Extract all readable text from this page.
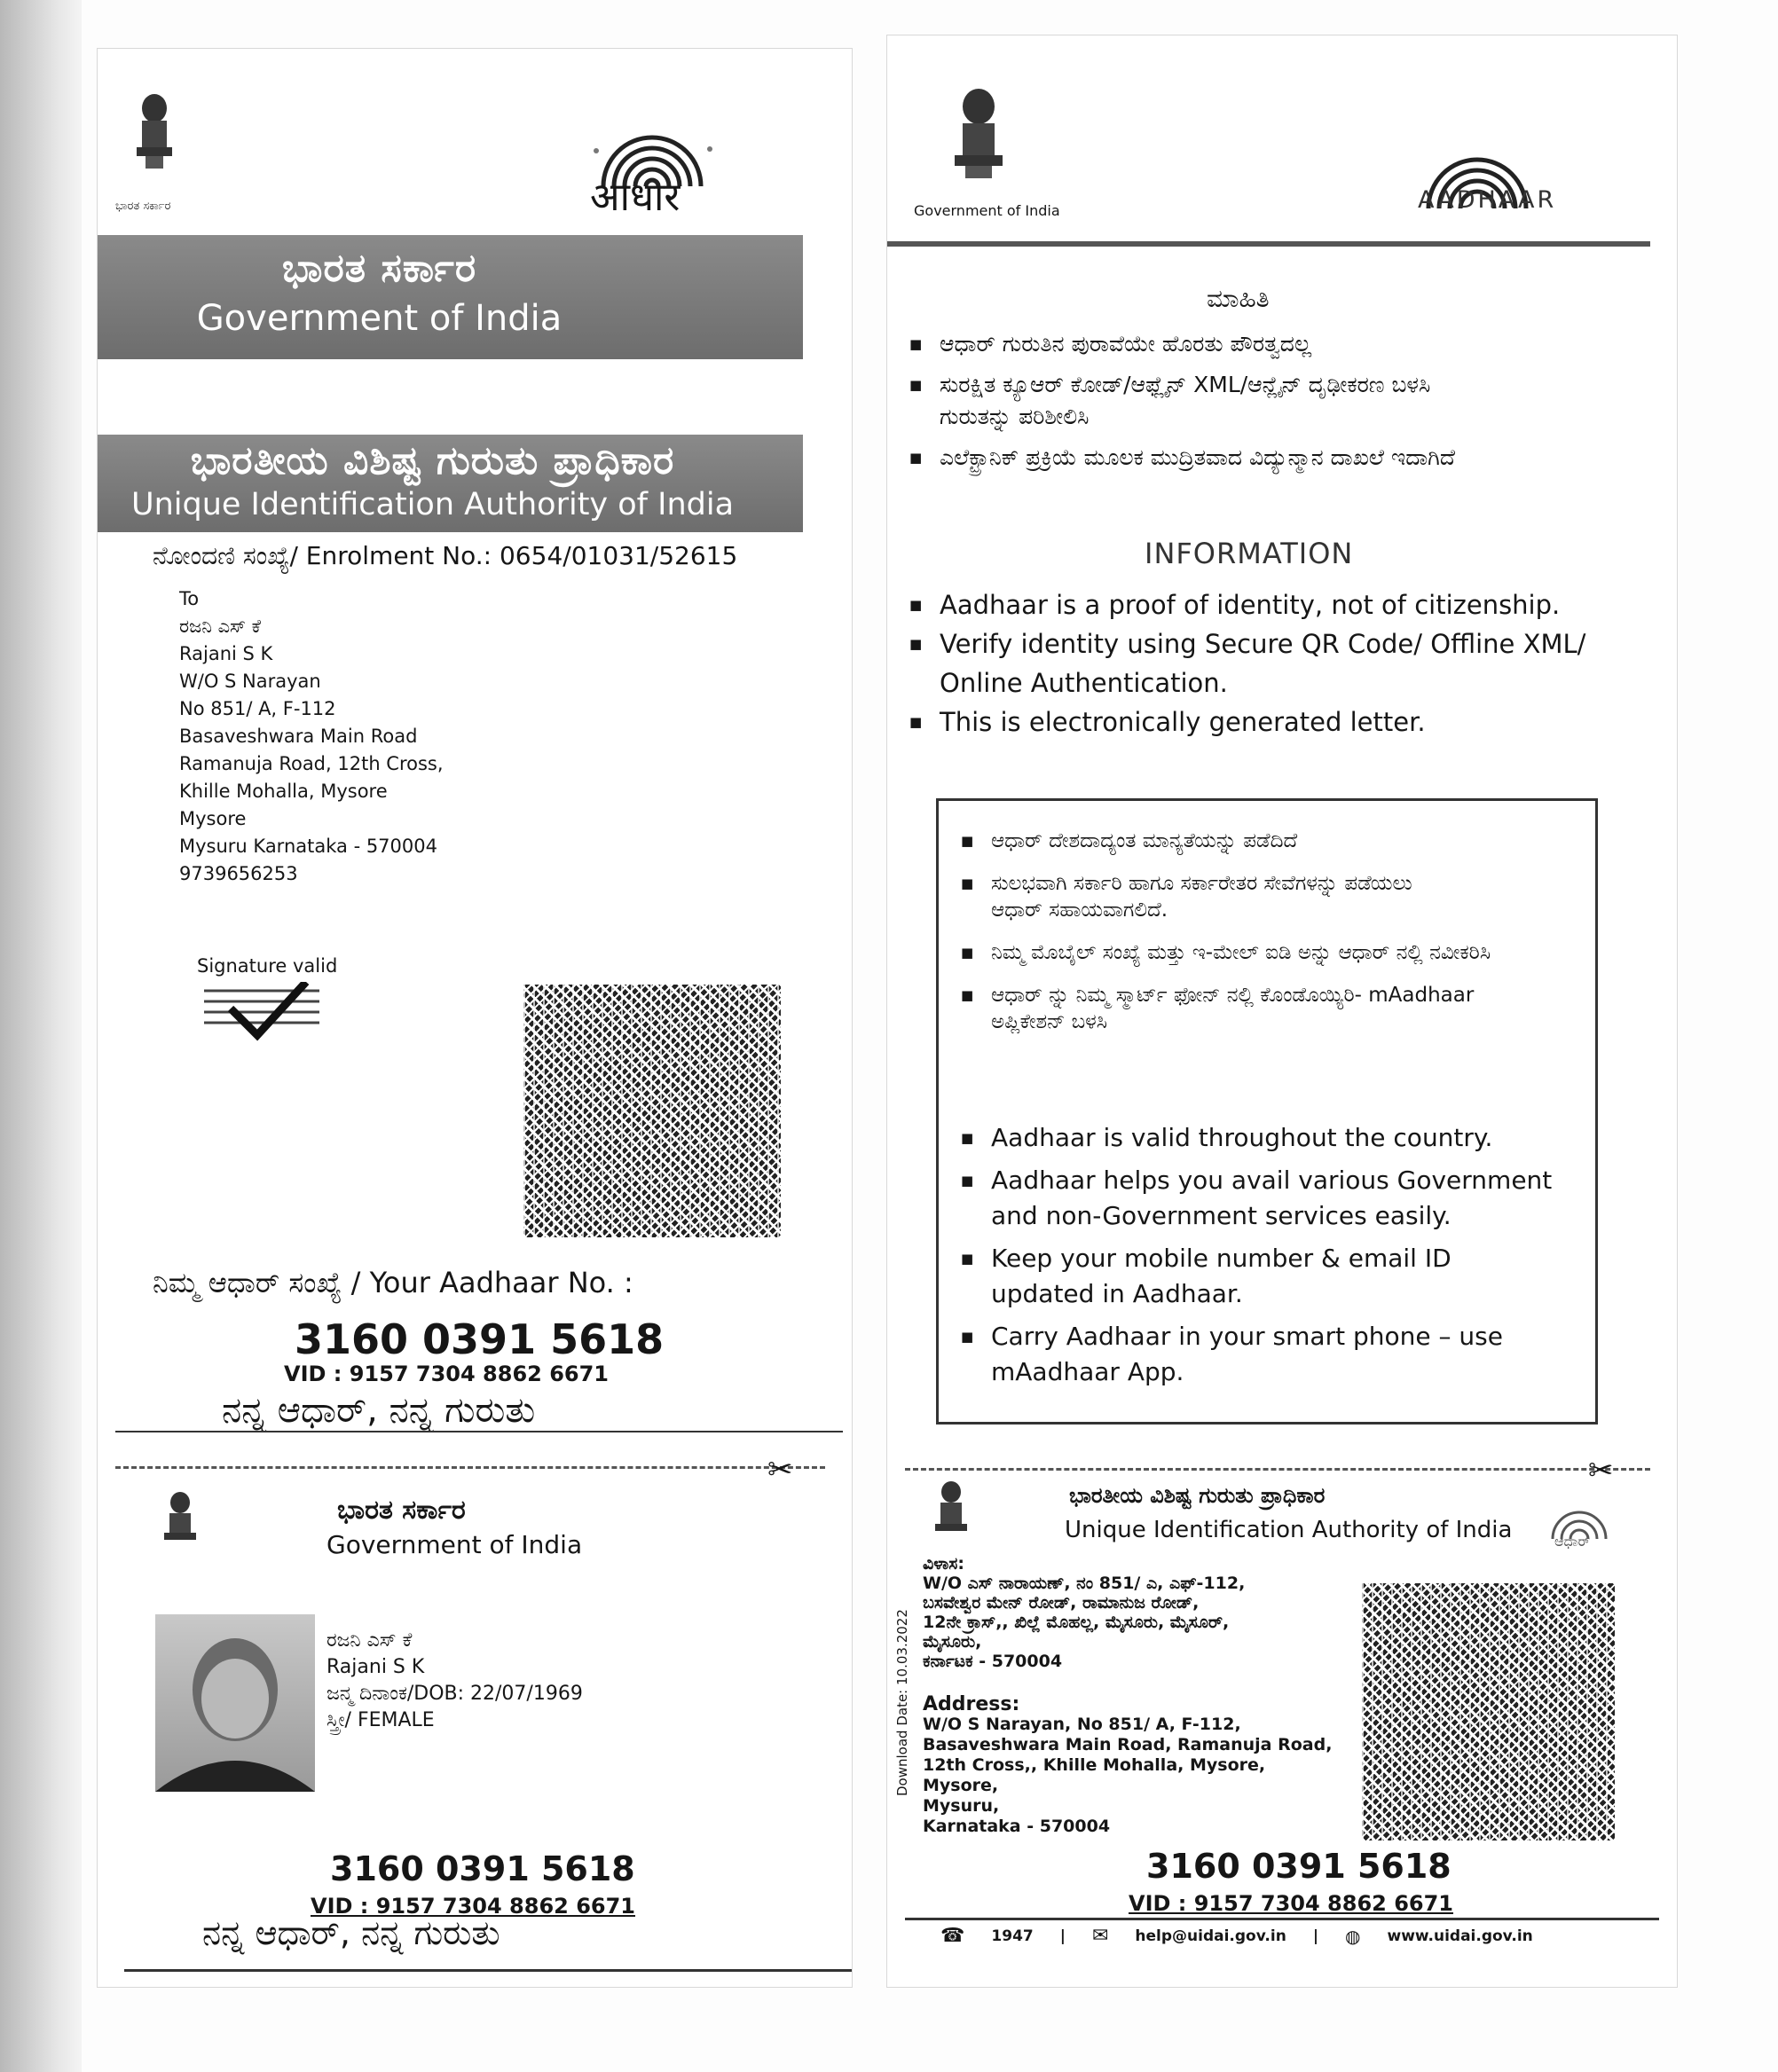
ಭಾರತ ಸರ್ಕಾರ	आधार
ಭಾರತ ಸರ್ಕಾರ
Government of India
ಭಾರತೀಯ ವಿಶಿಷ್ಟ ಗುರುತು ಪ್ರಾಧಿಕಾರ
Unique Identification Authority of India
ನೋಂದಣಿ ಸಂಖ್ಯೆ/ Enrolment No.: 0654/01031/52615
To
ರಜನಿ ಎಸ್ ಕೆ
Rajani S K
W/O S Narayan
No 851/ A, F-112
Basaveshwara Main Road
Ramanuja Road, 12th Cross,
Khille Mohalla, Mysore
Mysore
Mysuru Karnataka - 570004
9739656253
Signature valid
ನಿಮ್ಮ ಆಧಾರ್ ಸಂಖ್ಯೆ / Your Aadhaar No. :
3160 0391 5618
VID : 9157 7304 8862 6671
ನನ್ನ ಆಧಾರ್, ನನ್ನ ಗುರುತು
✂
ಭಾರತ ಸರ್ಕಾರ
Government of India
ರಜನಿ ಎಸ್ ಕೆ
Rajani S K
ಜನ್ಮ ದಿನಾಂಕ/DOB: 22/07/1969
ಸ್ತ್ರೀ/ FEMALE
3160 0391 5618
VID : 9157 7304 8862 6671
ನನ್ನ ಆಧಾರ್, ನನ್ನ ಗುರುತು
Government of India	AADHAAR
ಮಾಹಿತಿ
■ ಆಧಾರ್ ಗುರುತಿನ ಪುರಾವೆಯೇ ಹೊರತು ಪೌರತ್ವದಲ್ಲ
■ ಸುರಕ್ಷಿತ ಕ್ಯೂಆರ್ ಕೋಡ್/ಆಫ್ಲೈನ್ XML/ಆನ್ಲೈನ್ ದೃಢೀಕರಣ ಬಳಸಿ ಗುರುತನ್ನು ಪರಿಶೀಲಿಸಿ
■ ಎಲೆಕ್ಟ್ರಾನಿಕ್ ಪ್ರಕ್ರಿಯೆ ಮೂಲಕ ಮುದ್ರಿತವಾದ ವಿದ್ಯುನ್ಮಾನ ದಾಖಲೆ ಇದಾಗಿದೆ
INFORMATION
■ Aadhaar is a proof of identity, not of citizenship.
■ Verify identity using Secure QR Code/ Offline XML/ Online Authentication.
■ This is electronically generated letter.
■ ಆಧಾರ್ ದೇಶದಾದ್ಯಂತ ಮಾನ್ಯತೆಯನ್ನು ಪಡೆದಿದೆ
■ ಸುಲಭವಾಗಿ ಸರ್ಕಾರಿ ಹಾಗೂ ಸರ್ಕಾರೇತರ ಸೇವೆಗಳನ್ನು ಪಡೆಯಲು ಆಧಾರ್ ಸಹಾಯವಾಗಲಿದೆ.
■ ನಿಮ್ಮ ಮೊಬೈಲ್ ಸಂಖ್ಯೆ ಮತ್ತು ಇ-ಮೇಲ್ ಐಡಿ ಅನ್ನು ಆಧಾರ್ ನಲ್ಲಿ ನವೀಕರಿಸಿ
■ ಆಧಾರ್ ನ್ನು ನಿಮ್ಮ ಸ್ಮಾರ್ಟ್ ಫೋನ್ ನಲ್ಲಿ ಕೊಂಡೊಯ್ಯಿರಿ- mAadhaar ಅಪ್ಲಿಕೇಶನ್ ಬಳಸಿ
■ Aadhaar is valid throughout the country.
■ Aadhaar helps you avail various Government and non-Government services easily.
■ Keep your mobile number & email ID updated in Aadhaar.
■ Carry Aadhaar in your smart phone – use mAadhaar App.
✂
ಭಾರತೀಯ ವಿಶಿಷ್ಟ ಗುರುತು ಪ್ರಾಧಿಕಾರ
Unique Identification Authority of India	ಆಧಾರ್
Download Date: 10.03.2022
ವಿಳಾಸ:
W/O ಎಸ್ ನಾರಾಯಣ್, ನಂ 851/ ಎ, ಎಫ್-112,
ಬಸವೇಶ್ವರ ಮೇನ್ ರೋಡ್, ರಾಮಾನುಜ ರೋಡ್,
12ನೇ ಕ್ರಾಸ್,, ಖಿಲ್ಲೆ ಮೊಹಲ್ಲ, ಮೈಸೂರು, ಮೈಸೂರ್,
ಮೈಸೂರು,
ಕರ್ನಾಟಕ - 570004
Address:
W/O S Narayan, No 851/ A, F-112,
Basaveshwara Main Road, Ramanuja Road,
12th Cross,, Khille Mohalla, Mysore, Mysore,
Mysuru,
Karnataka - 570004
3160 0391 5618
VID : 9157 7304 8862 6671
☎ 1947 | ✉ help@uidai.gov.in | ◍ www.uidai.gov.in
